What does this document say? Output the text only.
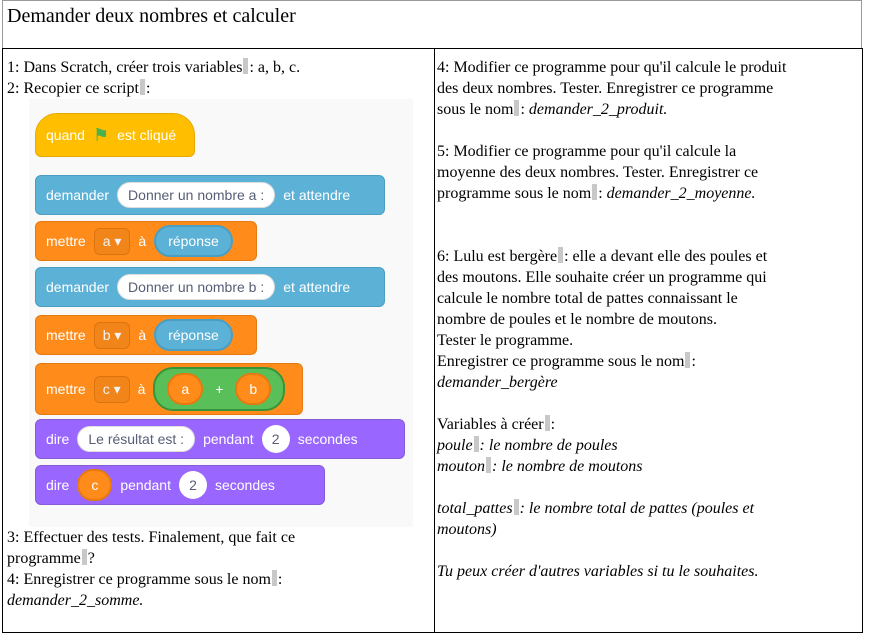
Demander deux nombres et calculer

1: Dans Scratch, créer trois variables : a, b, c.

2: Recopier ce script :

quand ⚑ est cliqué
demander	Donner un nombre a :	et attendre
mettre	a ▾	à	réponse
demander	Donner un nombre b :	et attendre
mettre	b ▾	à	réponse
mettre	c ▾	à	a	+	b
dire	Le résultat est :	pendant	2	secondes
dire	c	pendant	2	secondes

3: Effectuer des tests. Finalement, que fait ce

programme ?

4: Enregistrer ce programme sous le nom :

demander_2_somme.

4: Modifier ce programme pour qu'il calcule le produit

des deux nombres. Tester. Enregistrer ce programme

sous le nom : demander_2_produit.

5: Modifier ce programme pour qu'il calcule la

moyenne des deux nombres. Tester. Enregistrer ce

programme sous le nom : demander_2_moyenne.

6: Lulu est bergère : elle a devant elle des poules et

des moutons. Elle souhaite créer un programme qui

calcule le nombre total de pattes connaissant le

nombre de poules et le nombre de moutons.

Tester le programme.

Enregistrer ce programme sous le nom :

demander_bergère

Variables à créer :

poule : le nombre de poules

mouton : le nombre de moutons

total_pattes : le nombre total de pattes (poules et

moutons)

Tu peux créer d'autres variables si tu le souhaites.
